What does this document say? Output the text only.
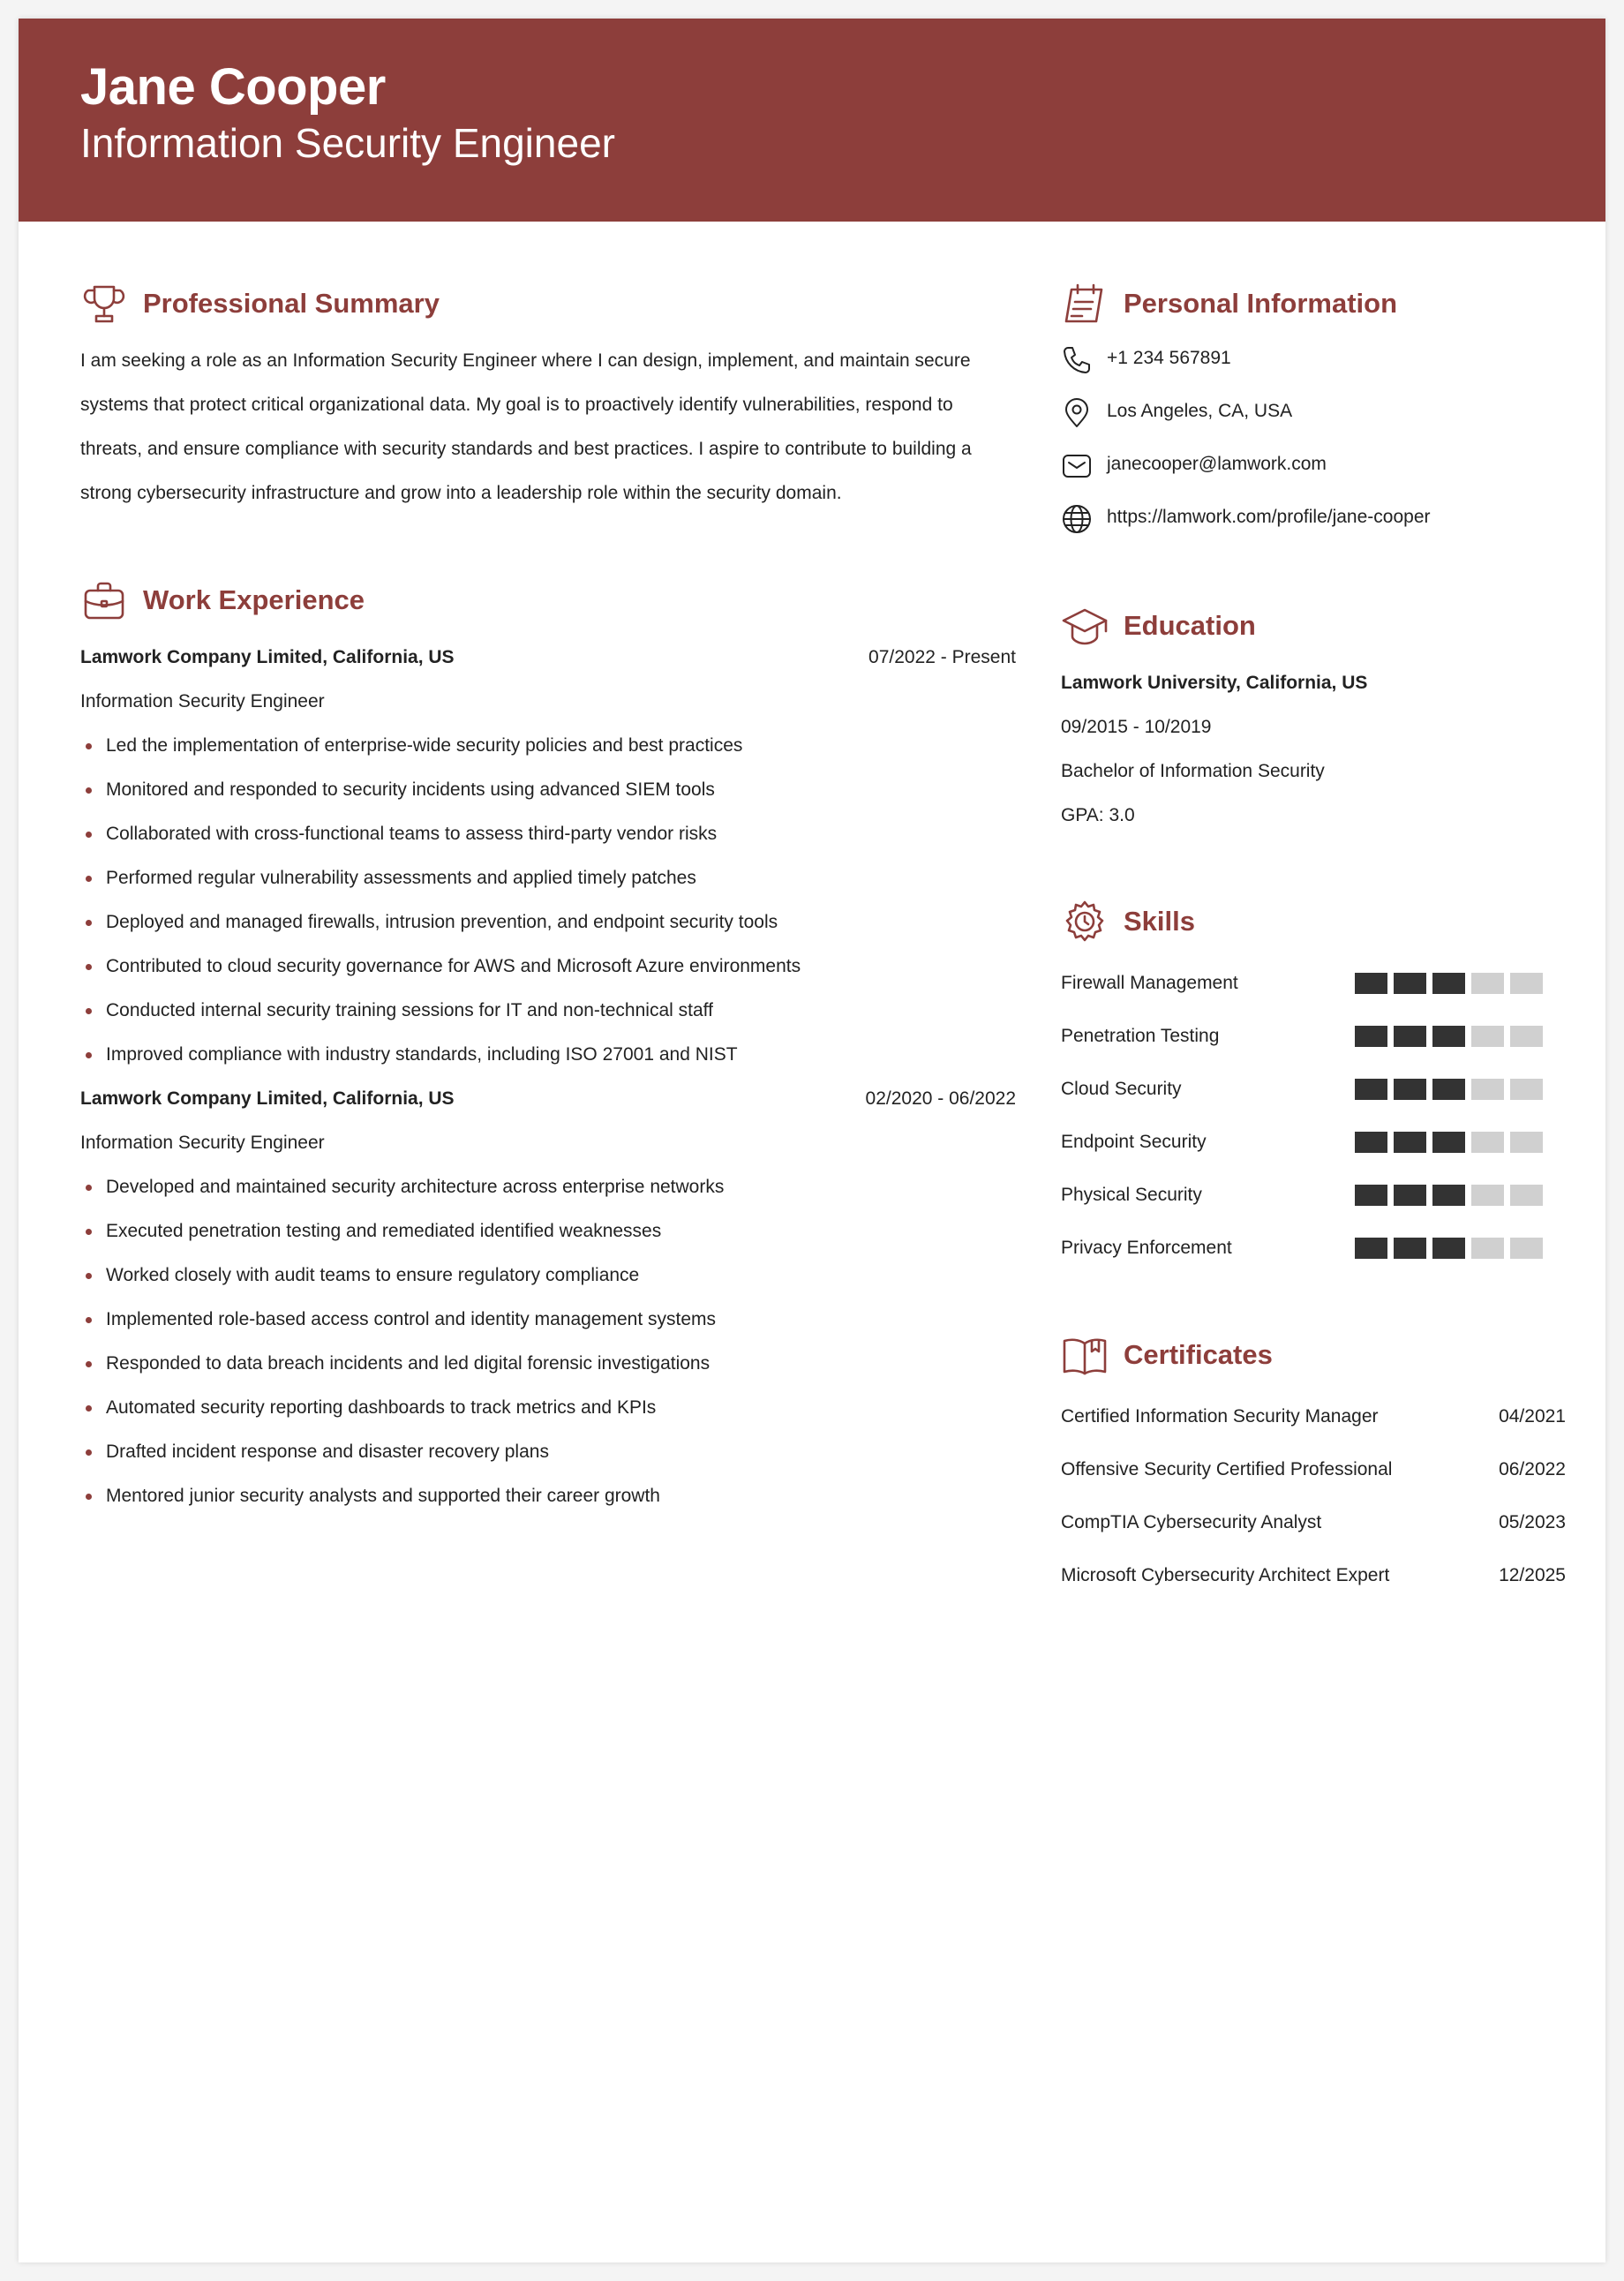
Jane Cooper
Information Security Engineer
Professional Summary
I am seeking a role as an Information Security Engineer where I can design, implement, and maintain secure systems that protect critical organizational data. My goal is to proactively identify vulnerabilities, respond to threats, and ensure compliance with security standards and best practices. I aspire to contribute to building a strong cybersecurity infrastructure and grow into a leadership role within the security domain.
Work Experience
Lamwork Company Limited, California, US	07/2022 - Present
Information Security Engineer
Led the implementation of enterprise-wide security policies and best practices
Monitored and responded to security incidents using advanced SIEM tools
Collaborated with cross-functional teams to assess third-party vendor risks
Performed regular vulnerability assessments and applied timely patches
Deployed and managed firewalls, intrusion prevention, and endpoint security tools
Contributed to cloud security governance for AWS and Microsoft Azure environments
Conducted internal security training sessions for IT and non-technical staff
Improved compliance with industry standards, including ISO 27001 and NIST
Lamwork Company Limited, California, US	02/2020 - 06/2022
Information Security Engineer
Developed and maintained security architecture across enterprise networks
Executed penetration testing and remediated identified weaknesses
Worked closely with audit teams to ensure regulatory compliance
Implemented role-based access control and identity management systems
Responded to data breach incidents and led digital forensic investigations
Automated security reporting dashboards to track metrics and KPIs
Drafted incident response and disaster recovery plans
Mentored junior security analysts and supported their career growth
Personal Information
+1 234 567891
Los Angeles, CA, USA
janecooper@lamwork.com
https://lamwork.com/profile/jane-cooper
Education
Lamwork University, California, US
09/2015 - 10/2019
Bachelor of Information Security
GPA: 3.0
Skills
Firewall Management
Penetration Testing
Cloud Security
Endpoint Security
Physical Security
Privacy Enforcement
Certificates
Certified Information Security Manager	04/2021
Offensive Security Certified Professional	06/2022
CompTIA Cybersecurity Analyst	05/2023
Microsoft Cybersecurity Architect Expert	12/2025
